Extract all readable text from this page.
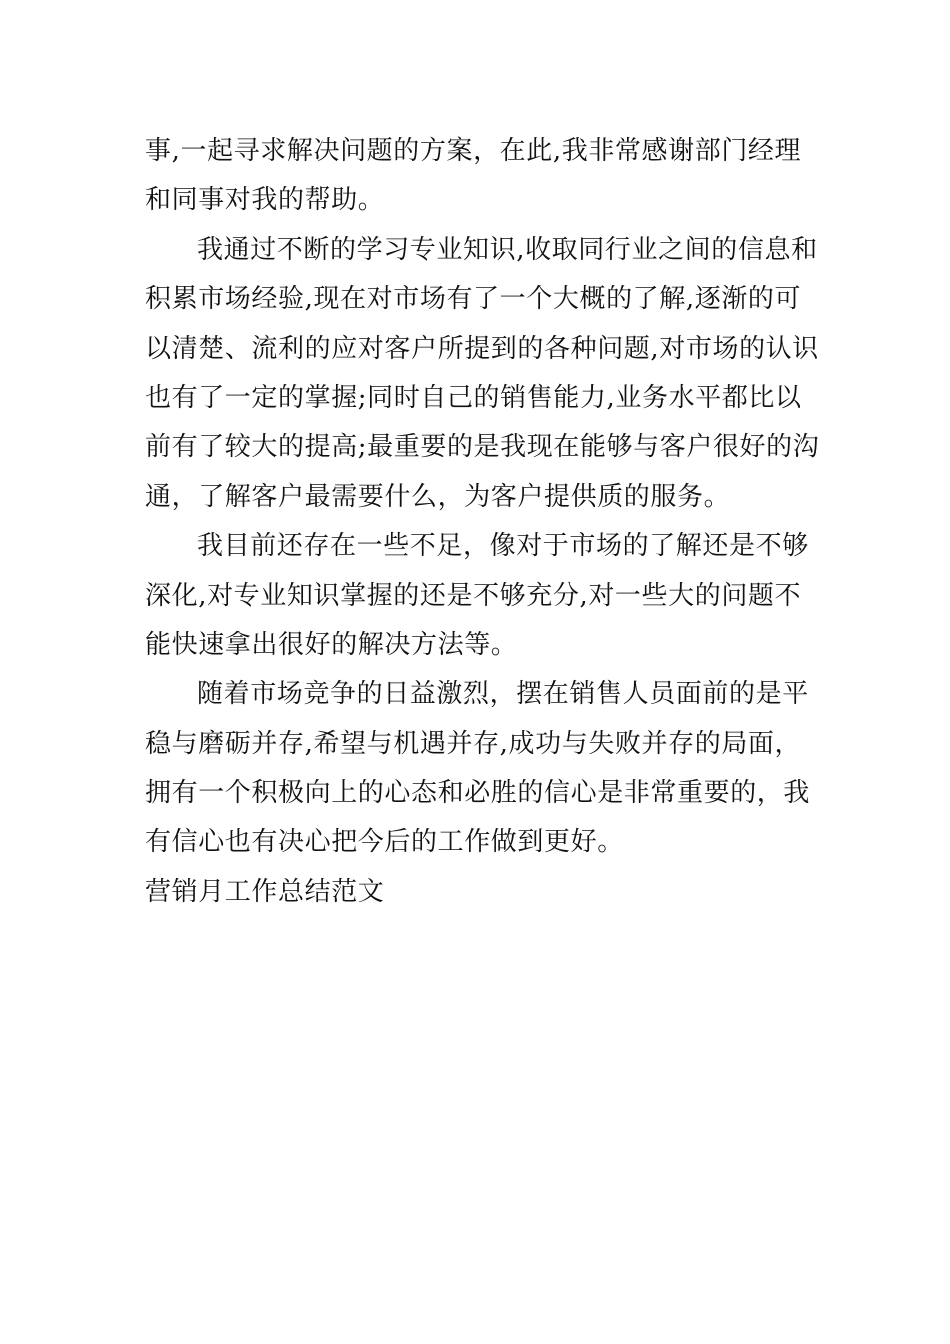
事,一起寻求解决问题的方案，在此,我非常感谢部门经理
和同事对我的帮助。
我通过不断的学习专业知识,收取同行业之间的信息和
积累市场经验,现在对市场有了一个大概的了解,逐渐的可
以清楚、流利的应对客户所提到的各种问题,对市场的认识
也有了一定的掌握;同时自己的销售能力,业务水平都比以
前有了较大的提高;最重要的是我现在能够与客户很好的沟
通，了解客户最需要什么，为客户提供质的服务。
我目前还存在一些不足，像对于市场的了解还是不够
深化,对专业知识掌握的还是不够充分,对一些大的问题不
能快速拿出很好的解决方法等。
随着市场竞争的日益激烈，摆在销售人员面前的是平
稳与磨砺并存,希望与机遇并存,成功与失败并存的局面，
拥有一个积极向上的心态和必胜的信心是非常重要的，我
有信心也有决心把今后的工作做到更好。
营销月工作总结范文
